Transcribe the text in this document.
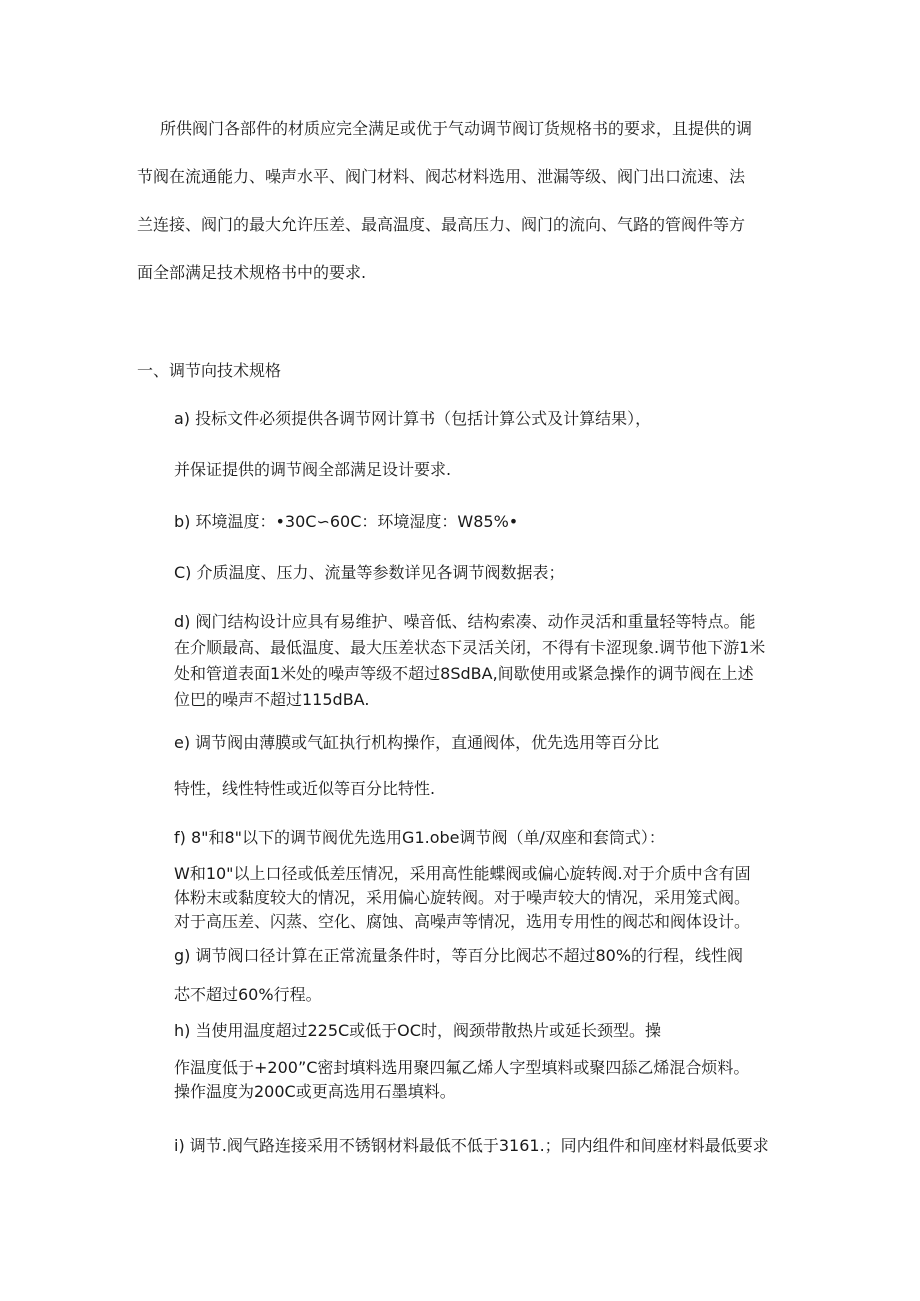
所供阀门各部件的材质应完全满足或优于气动调节阀订货规格书的要求，且提供的调

节阀在流通能力、噪声水平、阀门材料、阀芯材料选用、泄漏等级、阀门出口流速、法

兰连接、阀门的最大允许压差、最高温度、最高压力、阀门的流向、气路的管阀件等方

面全部满足技术规格书中的要求.

一、调节向技术规格

a) 投标文件必须提供各调节网计算书（包括计算公式及计算结果），

并保证提供的调节阀全部满足设计要求.

b) 环境温度：•30C∽60C：环境湿度：W85%•

C) 介质温度、压力、流量等参数详见各调节阀数据表；

d) 阀门结构设计应具有易维护、噪音低、结构索凑、动作灵活和重量轻等特点。能

在介顺最高、最低温度、最大压差状态下灵活关闭，不得有卡涩现象.调节他下游1米

处和管道表面1米处的噪声等级不超过8SdBA,间歇使用或紧急操作的调节阀在上述

位巴的噪声不超过115dBA.

e) 调节阀由薄膜或气缸执行机构操作，直通阀体，优先选用等百分比

特性，线性特性或近似等百分比特性.

f) 8"和8"以下的调节阀优先选用G1.obe调节阀（单/双座和套筒式）：

W和10"以上口径或低差压情况，采用高性能蝶阀或偏心旋转阀.对于介质中含有固

体粉末或黏度较大的情况，采用偏心旋转阀。对于噪声较大的情况，采用笼式阀。

对于高压差、闪蒸、空化、腐蚀、高噪声等情况，选用专用性的阀芯和阀体设计。

g) 调节阀口径计算在正常流量条件时，等百分比阀芯不超过80%的行程，线性阀

芯不超过60%行程。

h) 当使用温度超过225C或低于OC时，阀颈带散热片或延长颈型。操

作温度低于+200”C密封填料选用聚四氟乙烯人字型填料或聚四舔乙烯混合烦料。

操作温度为200C或更高选用石墨填料。

i) 调节.阀气路连接采用不锈钢材料最低不低于3161.；同内组件和间座材料最低要求
